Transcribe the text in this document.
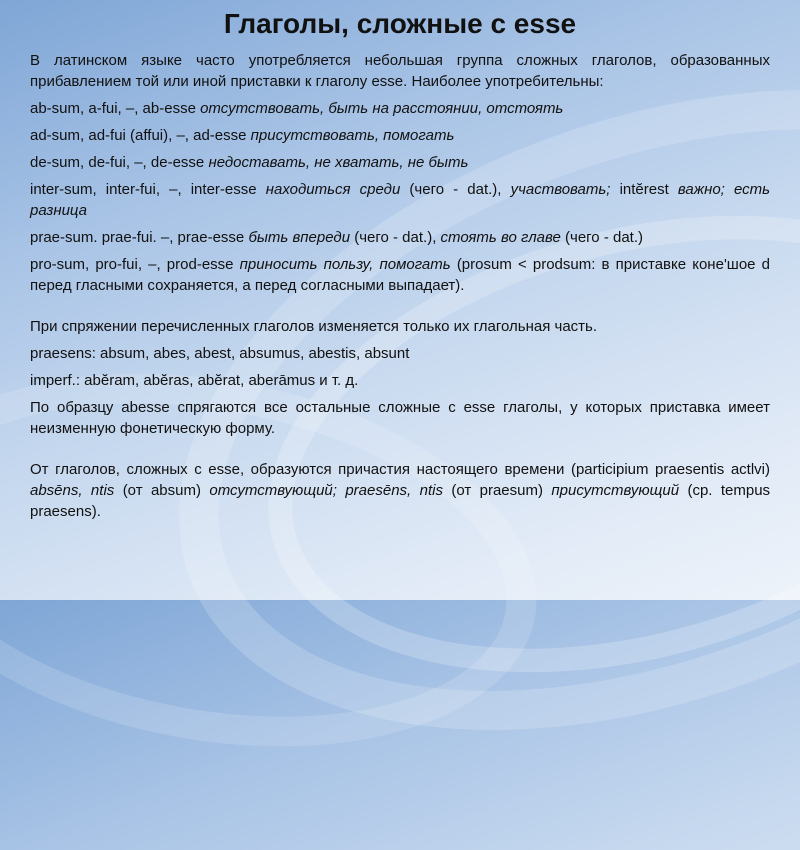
Глаголы, сложные с esse

В латинском языке часто употребляется небольшая группа сложных глаголов, образованных прибавлением той или иной приставки к глаголу esse. Наиболее употребительны:

ab-sum, a-fui, –, ab-esse отсутствовать, быть на расстоянии, отстоять

ad-sum, ad-fui (affui), –, ad-esse присутствовать, помогать

de-sum, de-fui, –, de-esse недоставать, не хватать, не быть

inter-sum, inter-fui, –, inter-esse находиться среди (чего - dat.), участвовать; intĕrest важно; есть разница

prae-sum. prae-fui. –, prae-esse быть впереди (чего - dat.), стоять во главе (чего - dat.)

pro-sum, pro-fui, –, prod-esse приносить пользу, помогать (prosum < prodsum: в приставке коне'шое d перед гласными сохраняется, а перед согласными выпадает).

При спряжении перечисленных глаголов изменяется только их глагольная часть.

praesens: absum, abes, abest, absumus, abestis, absunt

imperf.: abĕram, abĕras, abĕrat, aberāmus и т. д.

По образцу abesse спрягаются все остальные сложные с esse глаголы, у которых приставка имеет неизменную фонетическую форму.

От глаголов, сложных с esse, образуются причастия настоящего времени (participium praesentis actlvi) absēns, ntis (от absum) отсутствующий; praesēns, ntis (от praesum) присутствующий (ср. tempus praesens).
